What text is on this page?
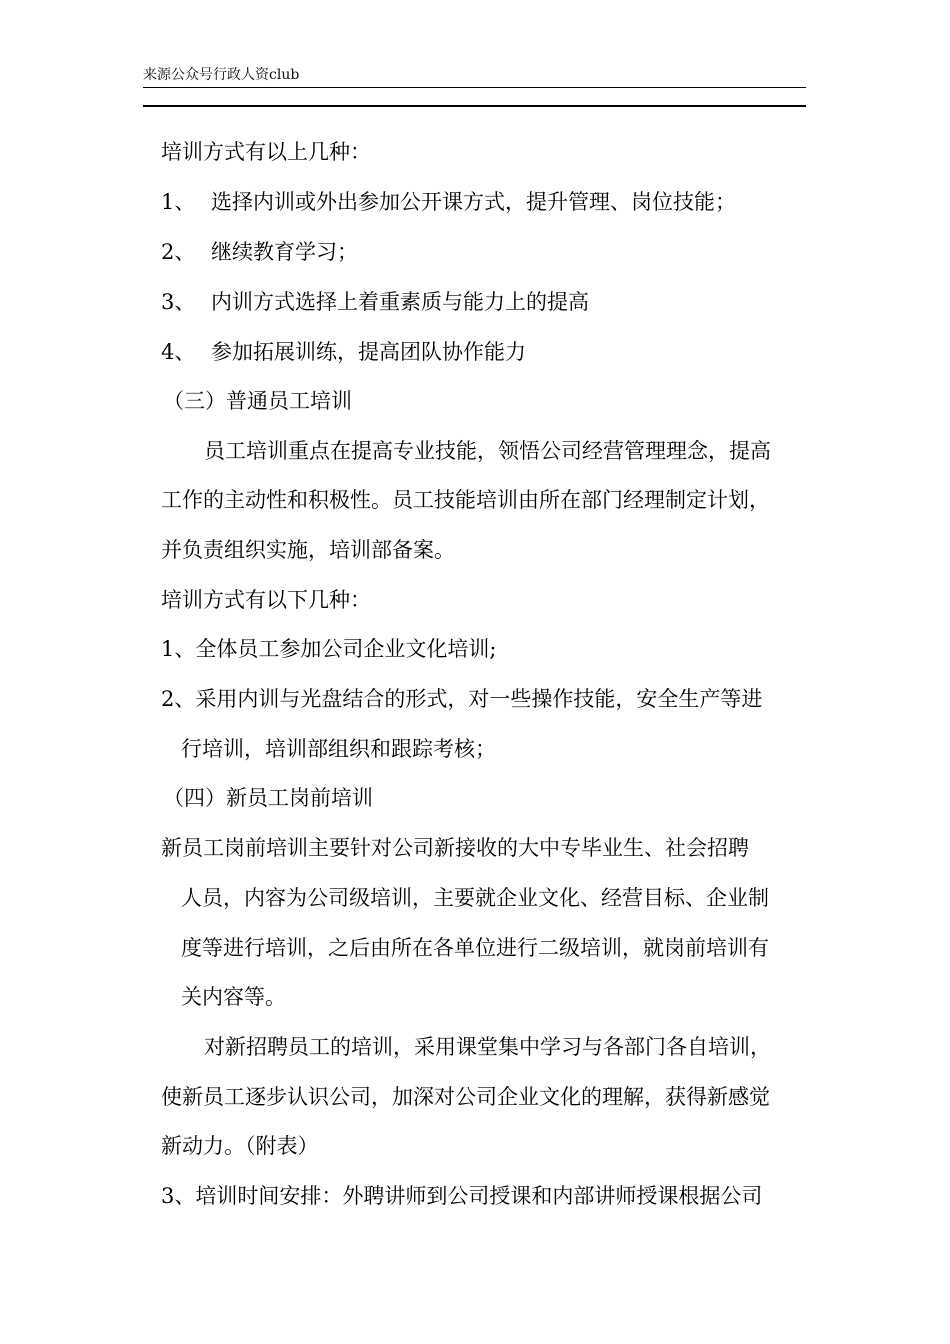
来源公众号行政人资club
培训方式有以上几种：
1、 选择内训或外出参加公开课方式，提升管理、岗位技能；
2、 继续教育学习；
3、 内训方式选择上着重素质与能力上的提高
4、 参加拓展训练，提高团队协作能力
（三）普通员工培训
员工培训重点在提高专业技能，领悟公司经营管理理念，提高
工作的主动性和积极性。员工技能培训由所在部门经理制定计划，
并负责组织实施，培训部备案。
培训方式有以下几种：
1、全体员工参加公司企业文化培训;
2、采用内训与光盘结合的形式，对一些操作技能，安全生产等进
行培训，培训部组织和跟踪考核；
（四）新员工岗前培训
新员工岗前培训主要针对公司新接收的大中专毕业生、社会招聘
人员，内容为公司级培训，主要就企业文化、经营目标、企业制
度等进行培训，之后由所在各单位进行二级培训，就岗前培训有
关内容等。
对新招聘员工的培训，采用课堂集中学习与各部门各自培训，
使新员工逐步认识公司，加深对公司企业文化的理解，获得新感觉
新动力。（附表）
3、培训时间安排：外聘讲师到公司授课和内部讲师授课根据公司
